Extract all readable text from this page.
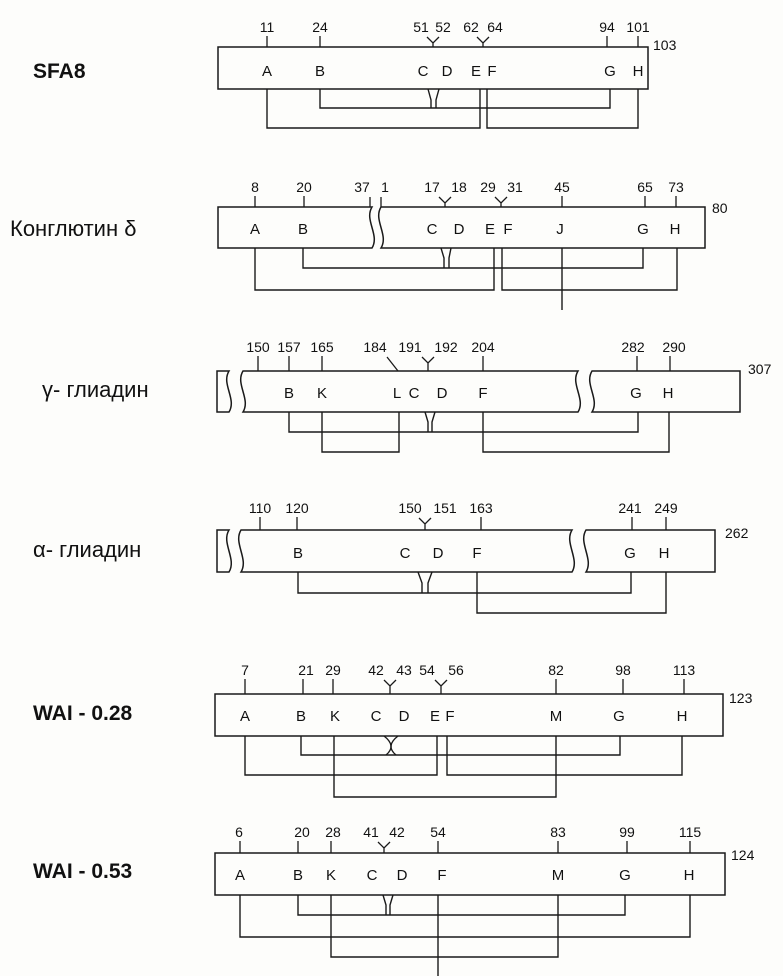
SFA8
11	24	51 52 62 64	94 101
103
A	B	C D E F	G H
Конглютин δ
8	20	37 1	17 18 29 31 45	65 73
80
A	B	C D E F	J	G H
γ- глиадин
150 157 165 184 191 192 204	282 290
307
B K	L C D F	G H
α- глиадин
110 120	150 151 163	241 249
262
B	C D F	G H
WAI - 0.28
7	21 29 42 43 54 56	82	98	113
123
A	B K C D E F	M	G	H
WAI - 0.53
6	20 28 41 42 54	83	99	115
124
A	B K C D F	M	G	H
